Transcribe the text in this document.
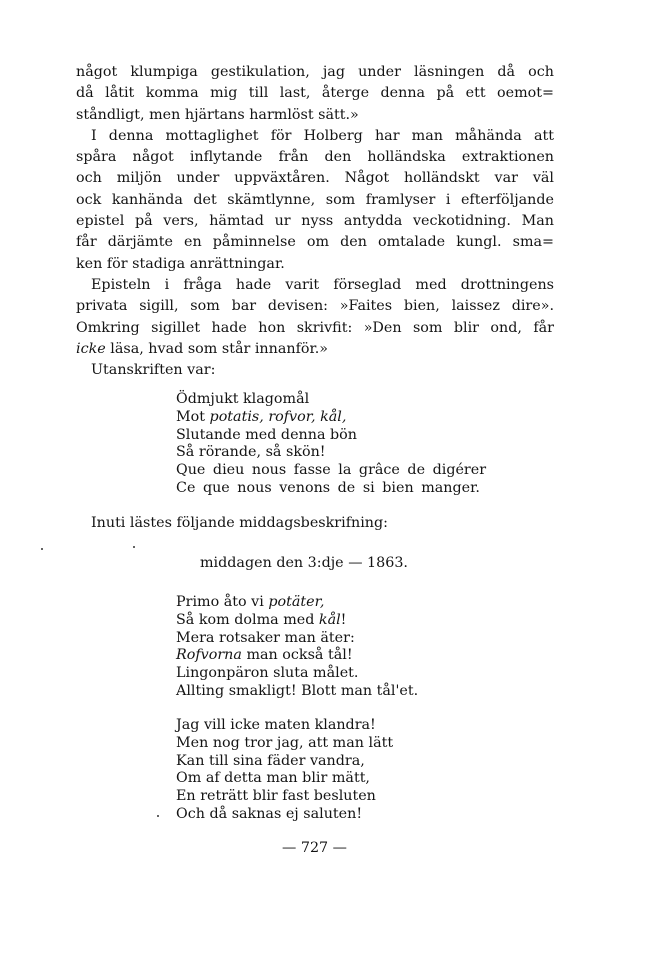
något klumpiga gestikulation, jag under läsningen då och
då låtit komma mig till last, återge denna på ett oemot=
ståndligt, men hjärtans harmlöst sätt.»
I denna mottaglighet för Holberg har man måhända att
spåra något inflytande från den holländska extraktionen
och miljön under uppväxtåren. Något holländskt var väl
ock kanhända det skämtlynne, som framlyser i efterföljande
epistel på vers, hämtad ur nyss antydda veckotidning. Man
får därjämte en påminnelse om den omtalade kungl. sma=
ken för stadiga anrättningar.
Episteln i fråga hade varit förseglad med drottningens
privata sigill, som bar devisen: »Faites bien, laissez dire».
Omkring sigillet hade hon skrivfit: »Den som blir ond, får
icke läsa, hvad som står innanför.»
Utanskriften var:
Ödmjukt klagomål
Mot potatis, rofvor, kål,
Slutande med denna bön
Så rörande, så skön!
Que dieu nous fasse la grâce de digérer
Ce que nous venons de si bien manger.
Inuti lästes följande middagsbeskrifning:
middagen den 3:dje — 1863.
Primo åto vi potäter,
Så kom dolma med kål!
Mera rotsaker man äter:
Rofvorna man också tål!
Lingonpäron sluta målet.
Allting smakligt! Blott man tål'et.
Jag vill icke maten klandra!
Men nog tror jag, att man lätt
Kan till sina fäder vandra,
Om af detta man blir mätt,
En reträtt blir fast besluten
Och då saknas ej saluten!
— 727 —
